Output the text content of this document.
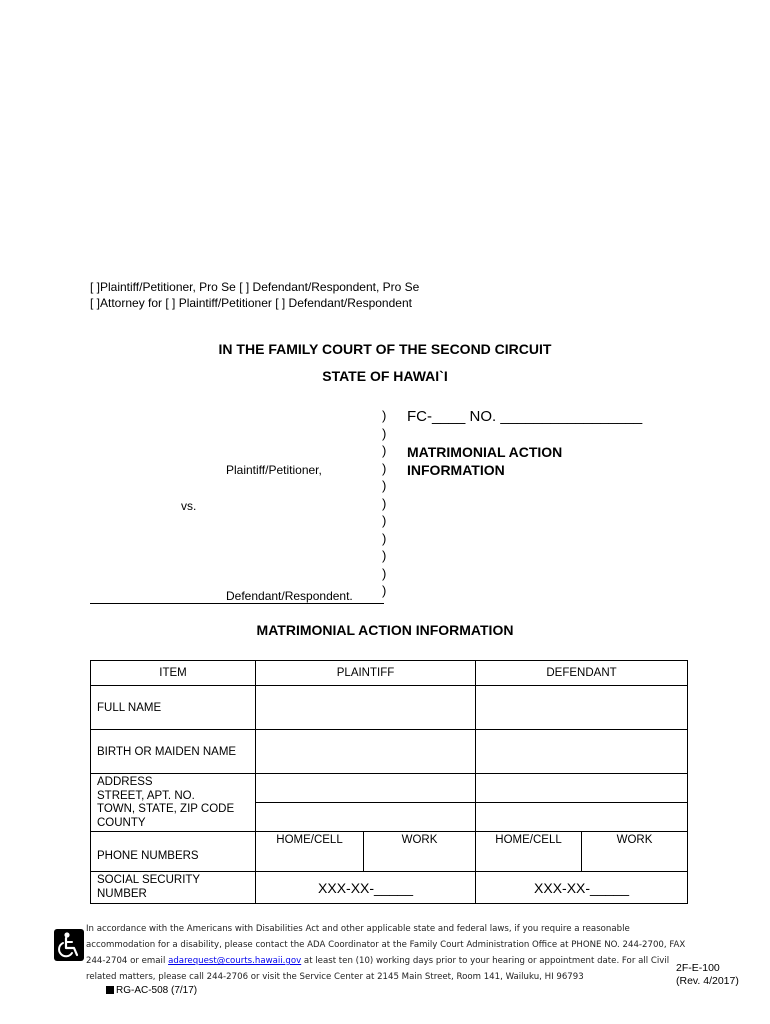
[ ]Plaintiff/Petitioner, Pro Se [ ] Defendant/Respondent, Pro Se
[ ]Attorney for [ ] Plaintiff/Petitioner [ ] Defendant/Respondent
IN THE FAMILY COURT OF THE SECOND CIRCUIT
STATE OF HAWAI`I
Plaintiff/Petitioner,
vs.
Defendant/Respondent.
)
)
)
)
)
)
)
)
)
)
)
FC-____ NO. _________________
MATRIMONIAL ACTION
INFORMATION
MATRIMONIAL ACTION INFORMATION
ITEM	PLAINTIFF		DEFENDANT	
FULL NAME				
BIRTH OR MAIDEN NAME				

ADDRESS
STREET, APT. NO.
TOWN, STATE, ZIP CODE
COUNTY				

PHONE NUMBERS	HOME/CELL	WORK	HOME/CELL	WORK

SOCIAL SECURITY
NUMBER	XXX-XX-_____		XXX-XX-_____	
In accordance with the Americans with Disabilities Act and other applicable state and federal laws, if you require a reasonable accommodation for a disability, please contact the ADA Coordinator at the Family Court Administration Office at PHONE NO. 244-2700, FAX 244-2704 or email adarequest@courts.hawaii.gov at least ten (10) working days prior to your hearing or appointment date. For all Civil related matters, please call 244-2706 or visit the Service Center at 2145 Main Street, Room 141, Wailuku, HI 96793
2F-E-100
(Rev. 4/2017)
RG-AC-508 (7/17)
